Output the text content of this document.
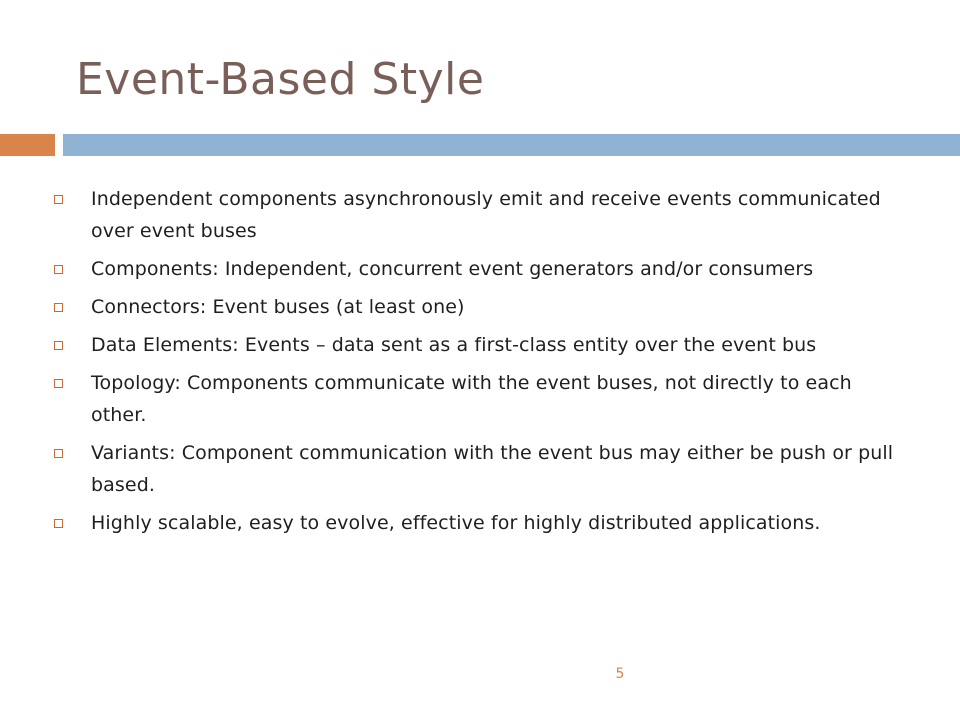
Event-Based Style
Independent components asynchronously emit and receive events communicated over event buses
Components: Independent, concurrent event generators and/or consumers
Connectors: Event buses (at least one)
Data Elements: Events – data sent as a first-class entity over the event bus
Topology: Components communicate with the event buses, not directly to each other.
Variants: Component communication with the event bus may either be push or pull based.
Highly scalable, easy to evolve, effective for highly distributed applications.
5
